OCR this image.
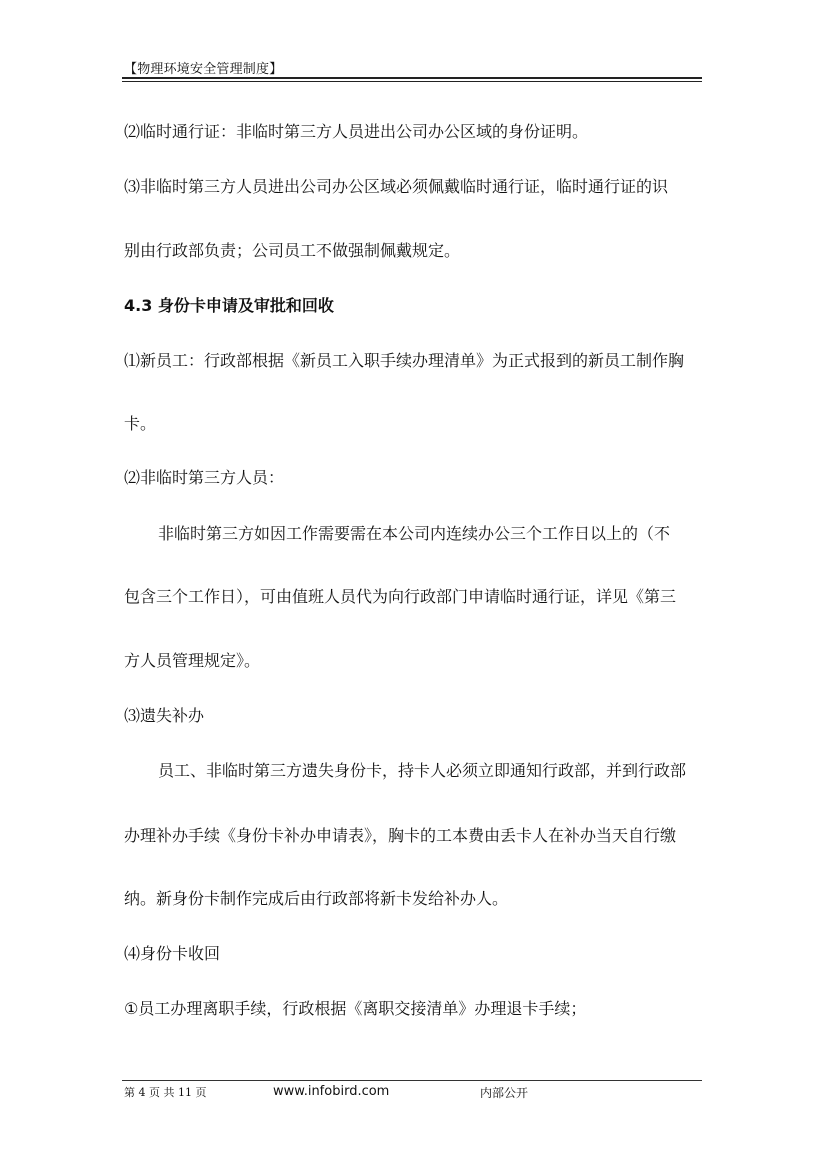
【物理环境安全管理制度】
⑵临时通行证：非临时第三方人员进出公司办公区域的身份证明。
⑶非临时第三方人员进出公司办公区域必须佩戴临时通行证，临时通行证的识
别由行政部负责；公司员工不做强制佩戴规定。
4.3 身份卡申请及审批和回收
⑴新员工：行政部根据《新员工入职手续办理清单》为正式报到的新员工制作胸
卡。
⑵非临时第三方人员：
非临时第三方如因工作需要需在本公司内连续办公三个工作日以上的（不
包含三个工作日），可由值班人员代为向行政部门申请临时通行证，详见《第三
方人员管理规定》。
⑶遗失补办
员工、非临时第三方遗失身份卡，持卡人必须立即通知行政部，并到行政部
办理补办手续《身份卡补办申请表》，胸卡的工本费由丢卡人在补办当天自行缴
纳。新身份卡制作完成后由行政部将新卡发给补办人。
⑷身份卡收回
①员工办理离职手续，行政根据《离职交接清单》办理退卡手续；
第 4 页 共 11 页	www.infobird.com	内部公开
